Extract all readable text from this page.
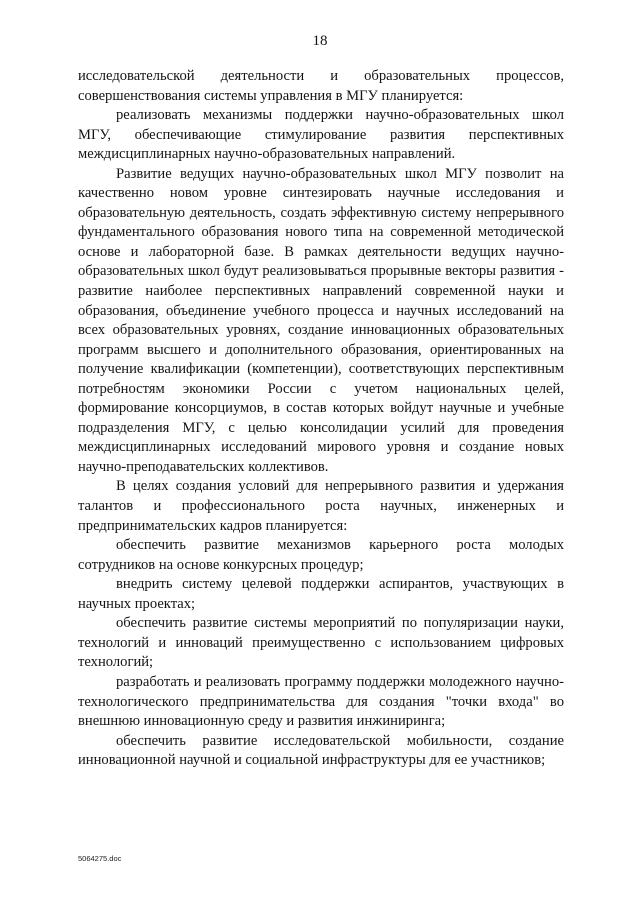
18

исследовательской деятельности и образовательных процессов, совершенствования системы управления в МГУ планируется:

реализовать механизмы поддержки научно-образовательных школ МГУ, обеспечивающие стимулирование развития перспективных междисциплинарных научно-образовательных направлений.

Развитие ведущих научно-образовательных школ МГУ позволит на качественно новом уровне синтезировать научные исследования и образовательную деятельность, создать эффективную систему непрерывного фундаментального образования нового типа на современной методической основе и лабораторной базе. В рамках деятельности ведущих научно-образовательных школ будут реализовываться прорывные векторы развития - развитие наиболее перспективных направлений современной науки и образования, объединение учебного процесса и научных исследований на всех образовательных уровнях, создание инновационных образовательных программ высшего и дополнительного образования, ориентированных на получение квалификации (компетенции), соответствующих перспективным потребностям экономики России с учетом национальных целей, формирование консорциумов, в состав которых войдут научные и учебные подразделения МГУ, с целью консолидации усилий для проведения междисциплинарных исследований мирового уровня и создание новых научно-преподавательских коллективов.

В целях создания условий для непрерывного развития и удержания талантов и профессионального роста научных, инженерных и предпринимательских кадров планируется:

обеспечить развитие механизмов карьерного роста молодых сотрудников на основе конкурсных процедур;

внедрить систему целевой поддержки аспирантов, участвующих в научных проектах;

обеспечить развитие системы мероприятий по популяризации науки, технологий и инноваций преимущественно с использованием цифровых технологий;

разработать и реализовать программу поддержки молодежного научно-технологического предпринимательства для создания "точки входа" во внешнюю инновационную среду и развития инжиниринга;

обеспечить развитие исследовательской мобильности, создание инновационной научной и социальной инфраструктуры для ее участников;

5064275.doc
